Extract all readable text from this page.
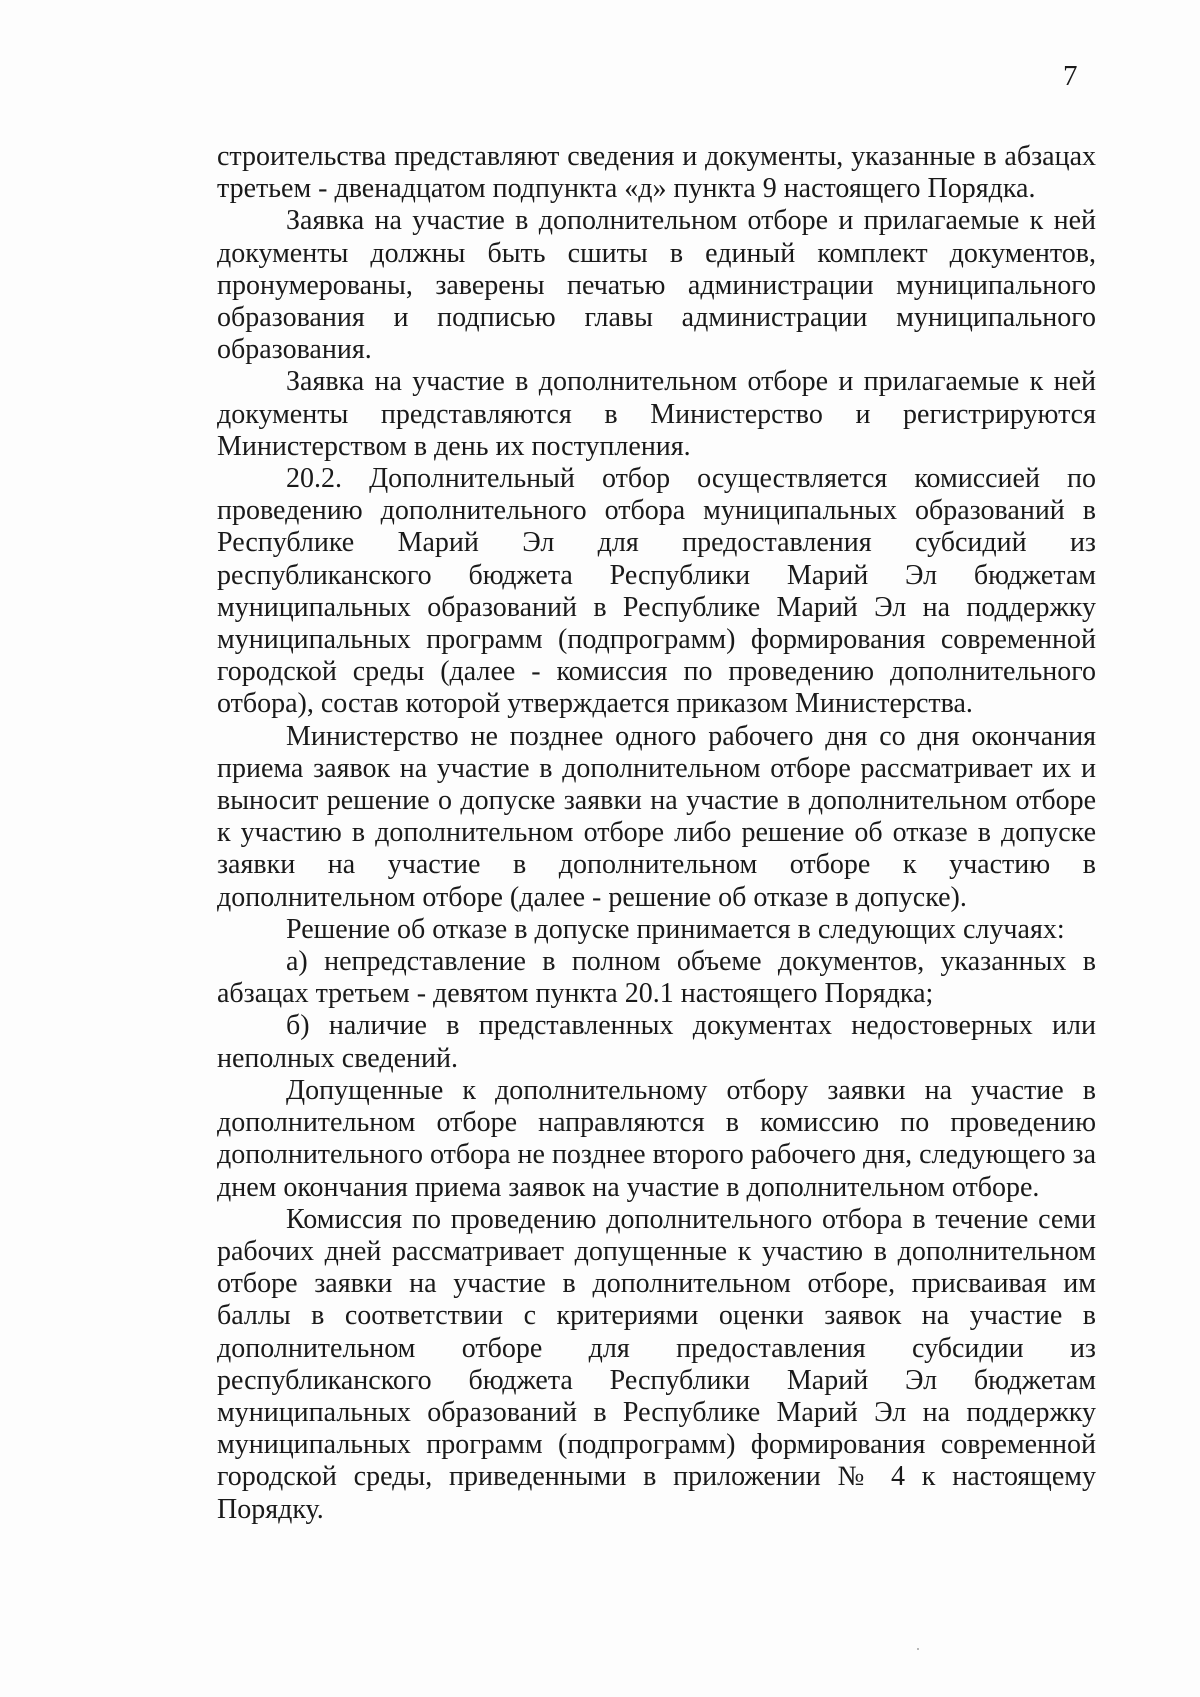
7

строительства представляют сведения и документы, указанные в абзацах третьем - двенадцатом подпункта «д» пункта 9 настоящего Порядка.

Заявка на участие в дополнительном отборе и прилагаемые к ней документы должны быть сшиты в единый комплект документов, пронумерованы, заверены печатью администрации муниципального образования и подписью главы администрации муниципального образования.

Заявка на участие в дополнительном отборе и прилагаемые к ней документы представляются в Министерство и регистрируются Министерством в день их поступления.

20.2. Дополнительный отбор осуществляется комиссией по проведению дополнительного отбора муниципальных образований в Республике Марий Эл для предоставления субсидий из республиканского бюджета Республики Марий Эл бюджетам муниципальных образований в Республике Марий Эл на поддержку муниципальных программ (подпрограмм) формирования современной городской среды (далее - комиссия по проведению дополнительного отбора), состав которой утверждается приказом Министерства.

Министерство не позднее одного рабочего дня со дня окончания приема заявок на участие в дополнительном отборе рассматривает их и выносит решение о допуске заявки на участие в дополнительном отборе к участию в дополнительном отборе либо решение об отказе в допуске заявки на участие в дополнительном отборе к участию в дополнительном отборе (далее - решение об отказе в допуске).

Решение об отказе в допуске принимается в следующих случаях:

а) непредставление в полном объеме документов, указанных в абзацах третьем - девятом пункта 20.1 настоящего Порядка;

б) наличие в представленных документах недостоверных или неполных сведений.

Допущенные к дополнительному отбору заявки на участие в дополнительном отборе направляются в комиссию по проведению дополнительного отбора не позднее второго рабочего дня, следующего за днем окончания приема заявок на участие в дополнительном отборе.

Комиссия по проведению дополнительного отбора в течение семи рабочих дней рассматривает допущенные к участию в дополнительном отборе заявки на участие в дополнительном отборе, присваивая им баллы в соответствии с критериями оценки заявок на участие в дополнительном отборе для предоставления субсидии из республиканского бюджета Республики Марий Эл бюджетам муниципальных образований в Республике Марий Эл на поддержку муниципальных программ (подпрограмм) формирования современной городской среды, приведенными в приложении № 4 к настоящему Порядку.
